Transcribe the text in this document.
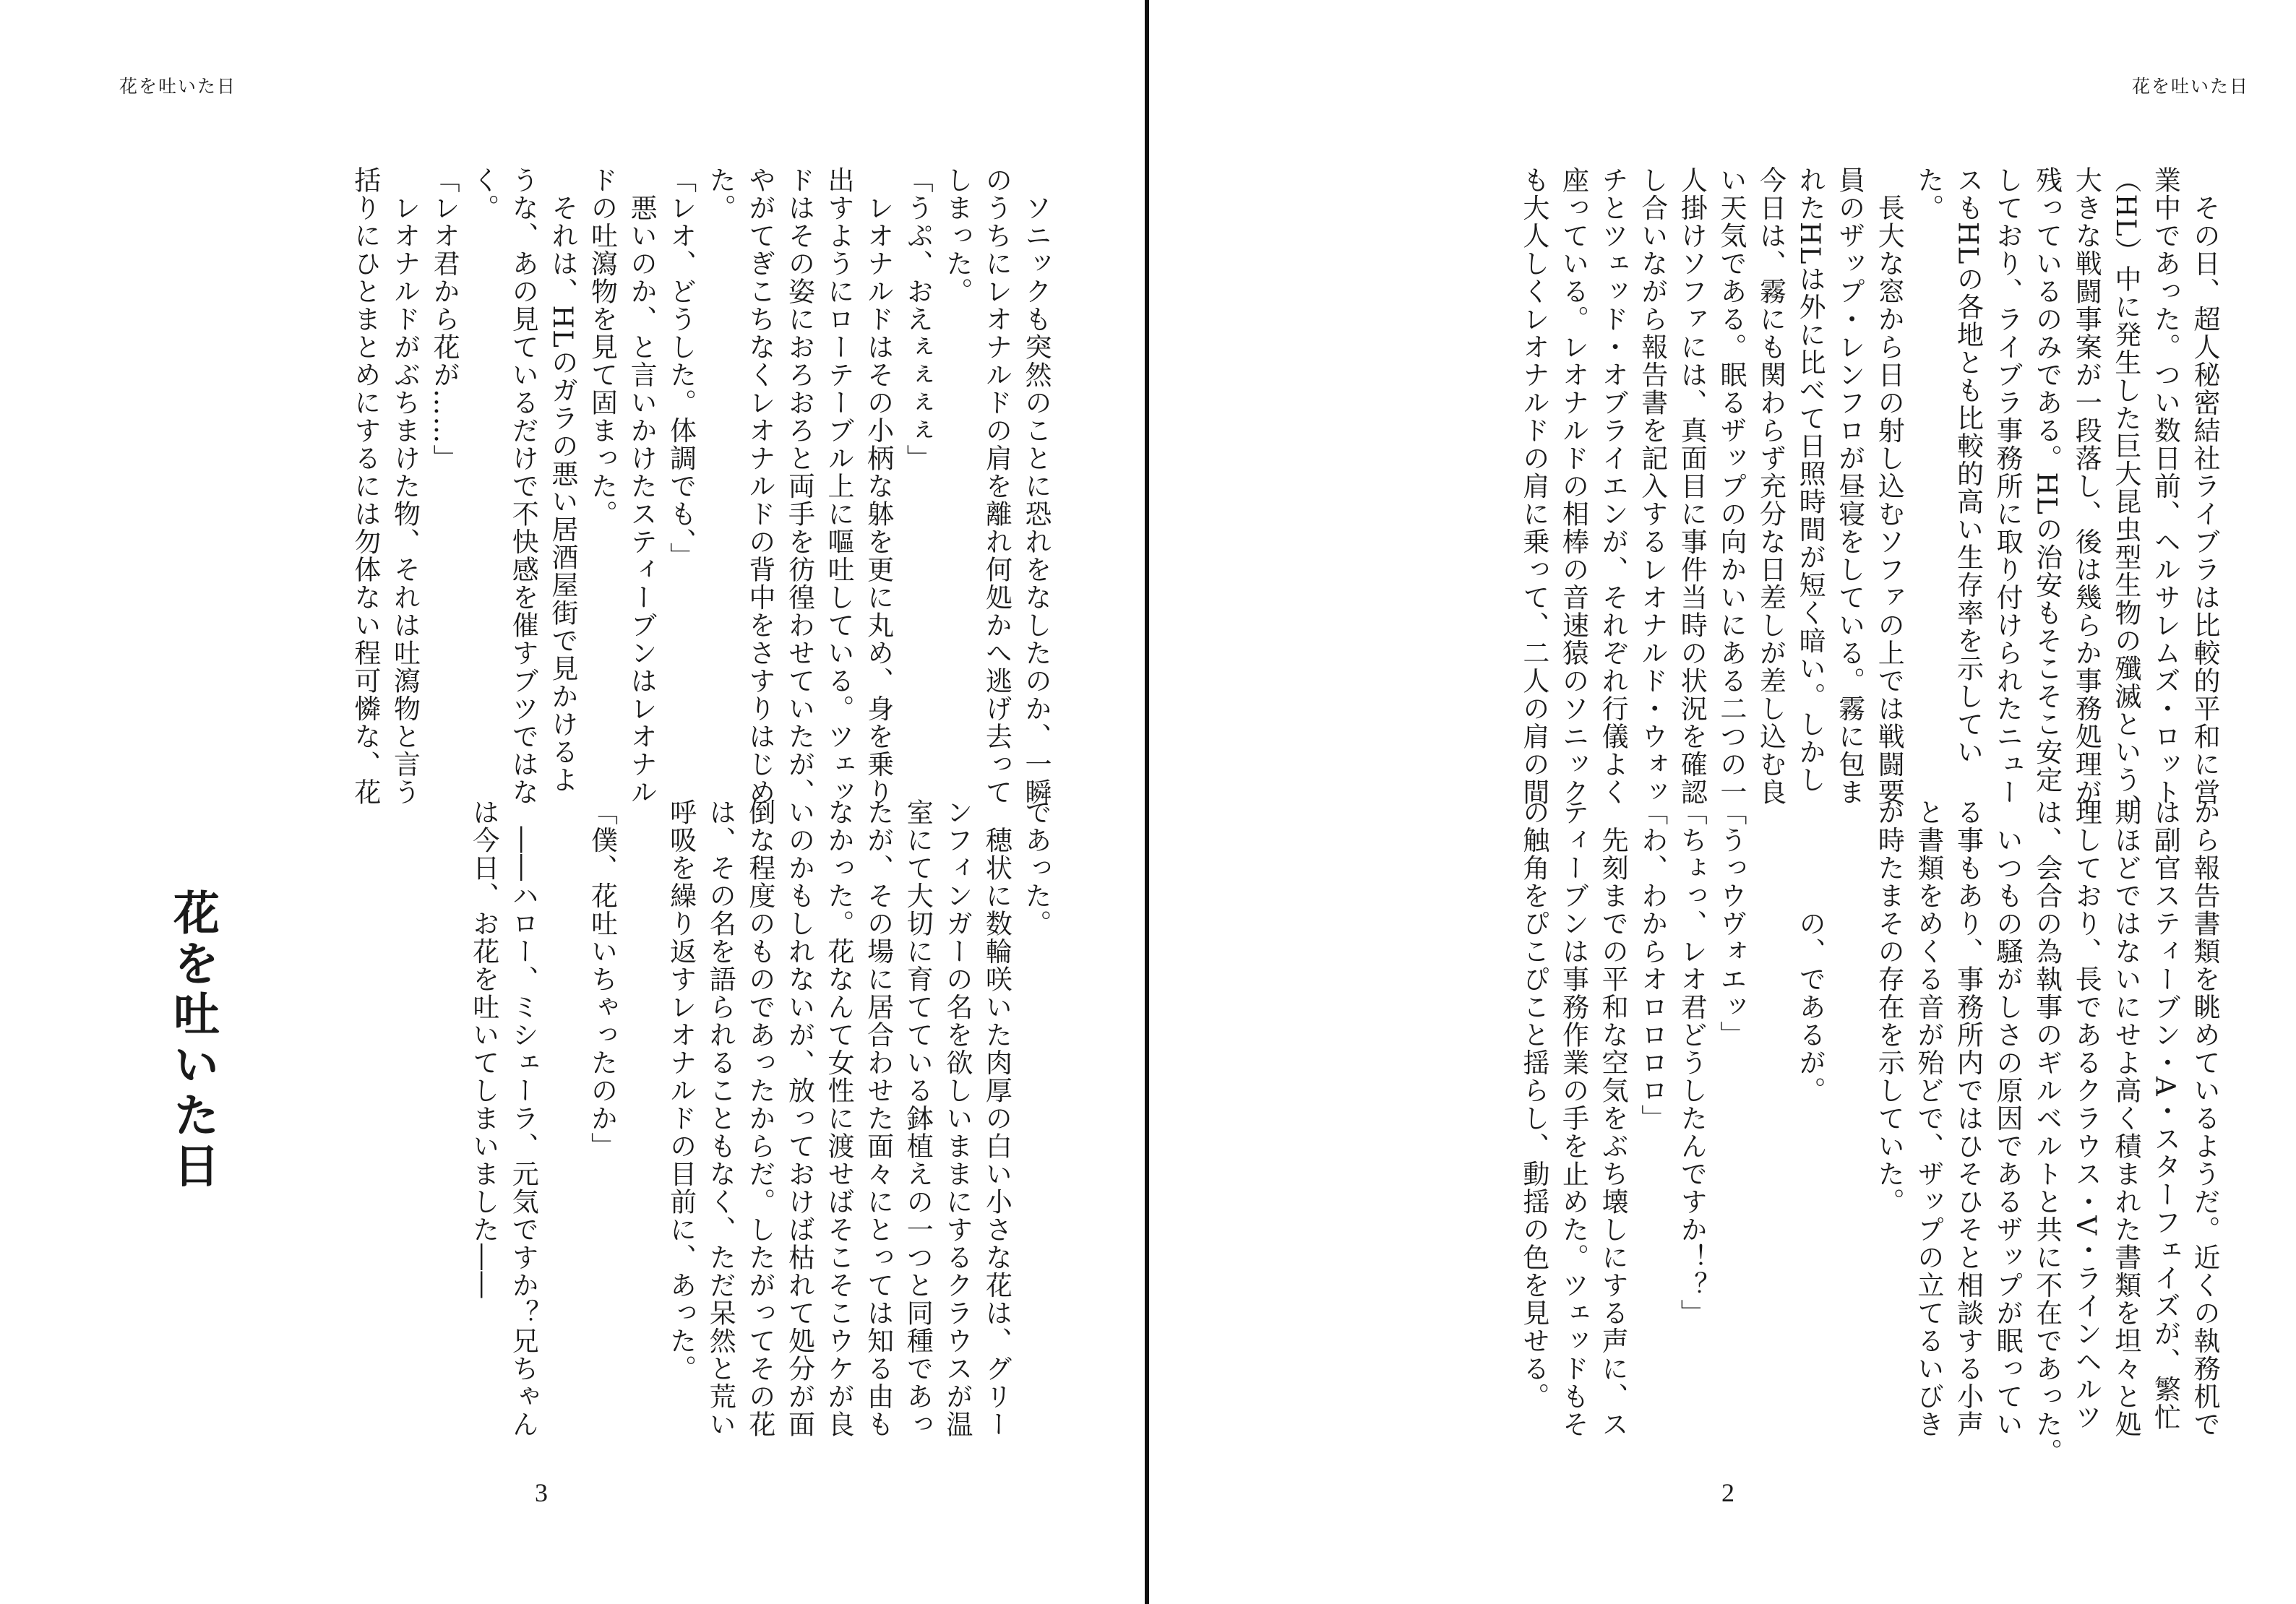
花を吐いた日

　ソニックも突然のことに恐れをなしたのか、一瞬

のうちにレオナルドの肩を離れ何処かへ逃げ去って

しまった。

「うぷ、おえぇぇぇぇ」

　レオナルドはその小柄な躰を更に丸め、身を乗り

出すようにローテーブル上に嘔吐している。ツェッ

ドはその姿におろおろと両手を彷徨わせていたが、

やがてぎこちなくレオナルドの背中をさすりはじめ

た。

「レオ、どうした。体調でも、」

　悪いのか、と言いかけたスティーブンはレオナル

ドの吐瀉物を見て固まった。

　それは、HLのガラの悪い居酒屋街で見かけるよ

うな、あの見ているだけで不快感を催すブツではな

く。

「レオ君から花が……」

　レオナルドがぶちまけた物、それは吐瀉物と言う

括りにひとまとめにするには勿体ない程可憐な、花

であった。

　穂状に数輪咲いた肉厚の白い小さな花は、グリー

ンフィンガーの名を欲しいままにするクラウスが温

室にて大切に育てている鉢植えの一つと同種であっ

たが、その場に居合わせた面々にとっては知る由も

なかった。花なんて女性に渡せばそこそこウケが良

いのかもしれないが、放っておけば枯れて処分が面

倒な程度のものであったからだ。したがってその花

は、その名を語られることもなく、ただ呆然と荒い

呼吸を繰り返すレオナルドの目前に、あった。

「僕、花吐いちゃったのか」

　――ハロー、ミシェーラ、元気ですか？兄ちゃん

は今日、お花を吐いてしまいました――

花を吐いた日
3
花を吐いた日

　その日、超人秘密結社ライブラは比較的平和に営

業中であった。つい数日前、ヘルサレムズ・ロット

（HL）中に発生した巨大昆虫型生物の殲滅という、

大きな戦闘事案が一段落し、後は幾らか事務処理が

残っているのみである。HLの治安もそこそこ安定

しており、ライブラ事務所に取り付けられたニュー

スもHLの各地とも比較的高い生存率を示してい

た。

　長大な窓から日の射し込むソファの上では戦闘要

員のザップ・レンフロが昼寝をしている。霧に包ま

れたHLは外に比べて日照時間が短く暗い。しかし

今日は、霧にも関わらず充分な日差しが差し込む良

い天気である。眠るザップの向かいにある二つの一

人掛けソファには、真面目に事件当時の状況を確認

し合いながら報告書を記入するレオナルド・ウォッ

チとツェッド・オブライエンが、それぞれ行儀よく

座っている。レオナルドの相棒の音速猿のソニック

も大人しくレオナルドの肩に乗って、二人の肩の間

から報告書類を眺めているようだ。近くの執務机で

は副官スティーブン・A・スターフェイズが、繁忙

期ほどではないにせよ高く積まれた書類を坦々と処

理しており、長であるクラウス・V・ラインヘルツ

は、会合の為執事のギルベルトと共に不在であった。

　いつもの騒がしさの原因であるザップが眠ってい

る事もあり、事務所内ではひそひそと相談する小声

と書類をめくる音が殆どで、ザップの立てるいびき

が時たまその存在を示していた。

　　　　の、であるが。

「うっウヴォエッ」

「ちょっ、レオ君どうしたんですか！？」

「わ、わからオロロロロ」

　先刻までの平和な空気をぶち壊しにする声に、ス

ティーブンは事務作業の手を止めた。ツェッドもそ

の触角をぴこぴこと揺らし、動揺の色を見せる。

2
